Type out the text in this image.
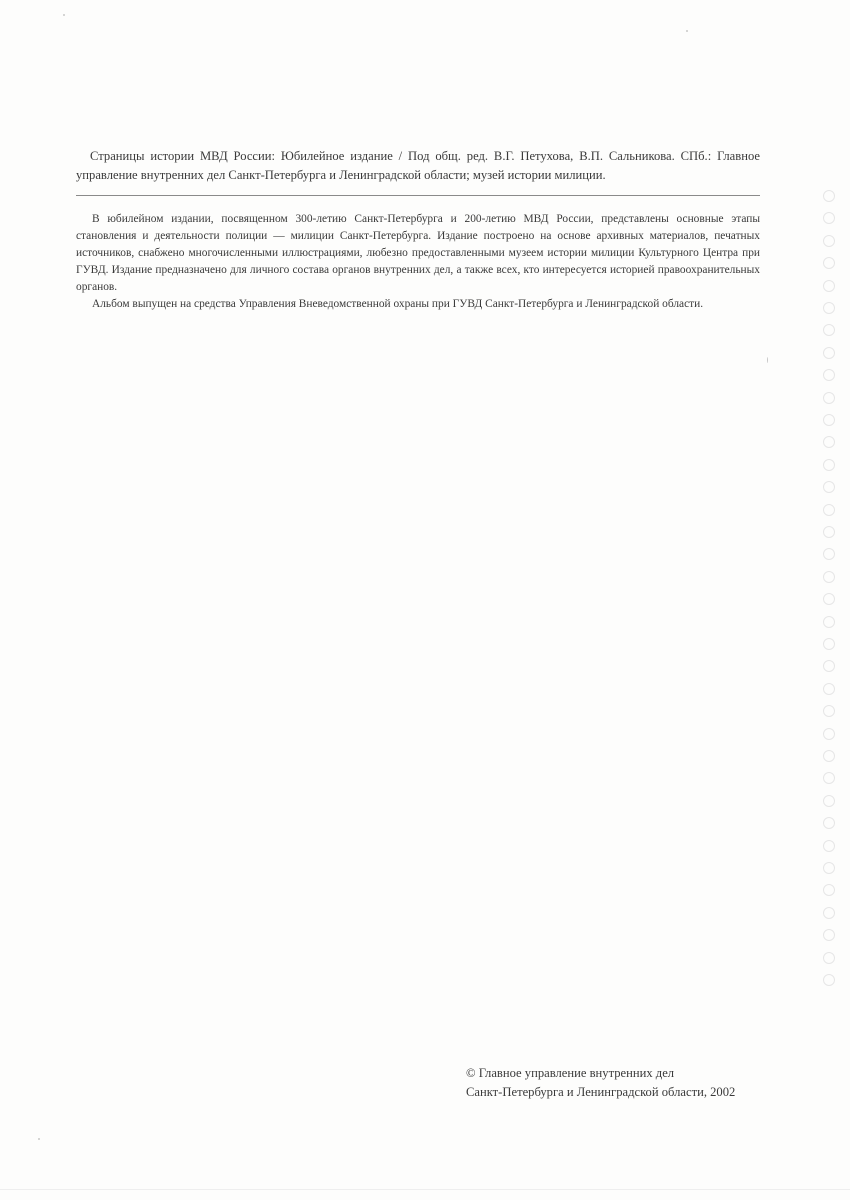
Страницы истории МВД России: Юбилейное издание / Под общ. ред. В.Г. Петухова, В.П. Сальникова. СПб.: Главное управление внутренних дел Санкт-Петербурга и Ленинградской области; музей истории милиции.

В юбилейном издании, посвященном 300-летию Санкт-Петербурга и 200-летию МВД России, представлены основные этапы становления и деятельности полиции — милиции Санкт-Петербурга. Издание построено на основе архивных материалов, печатных источников, снабжено многочисленными иллюстрациями, любезно предоставленными музеем истории милиции Культурного Центра при ГУВД. Издание предназначено для личного состава органов внутренних дел, а также всех, кто интересуется историей правоохранительных органов.

Альбом выпущен на средства Управления Вневедомственной охраны при ГУВД Санкт-Петербурга и Ленинградской области.

© Главное управление внутренних дел
Санкт-Петербурга и Ленинградской области, 2002
